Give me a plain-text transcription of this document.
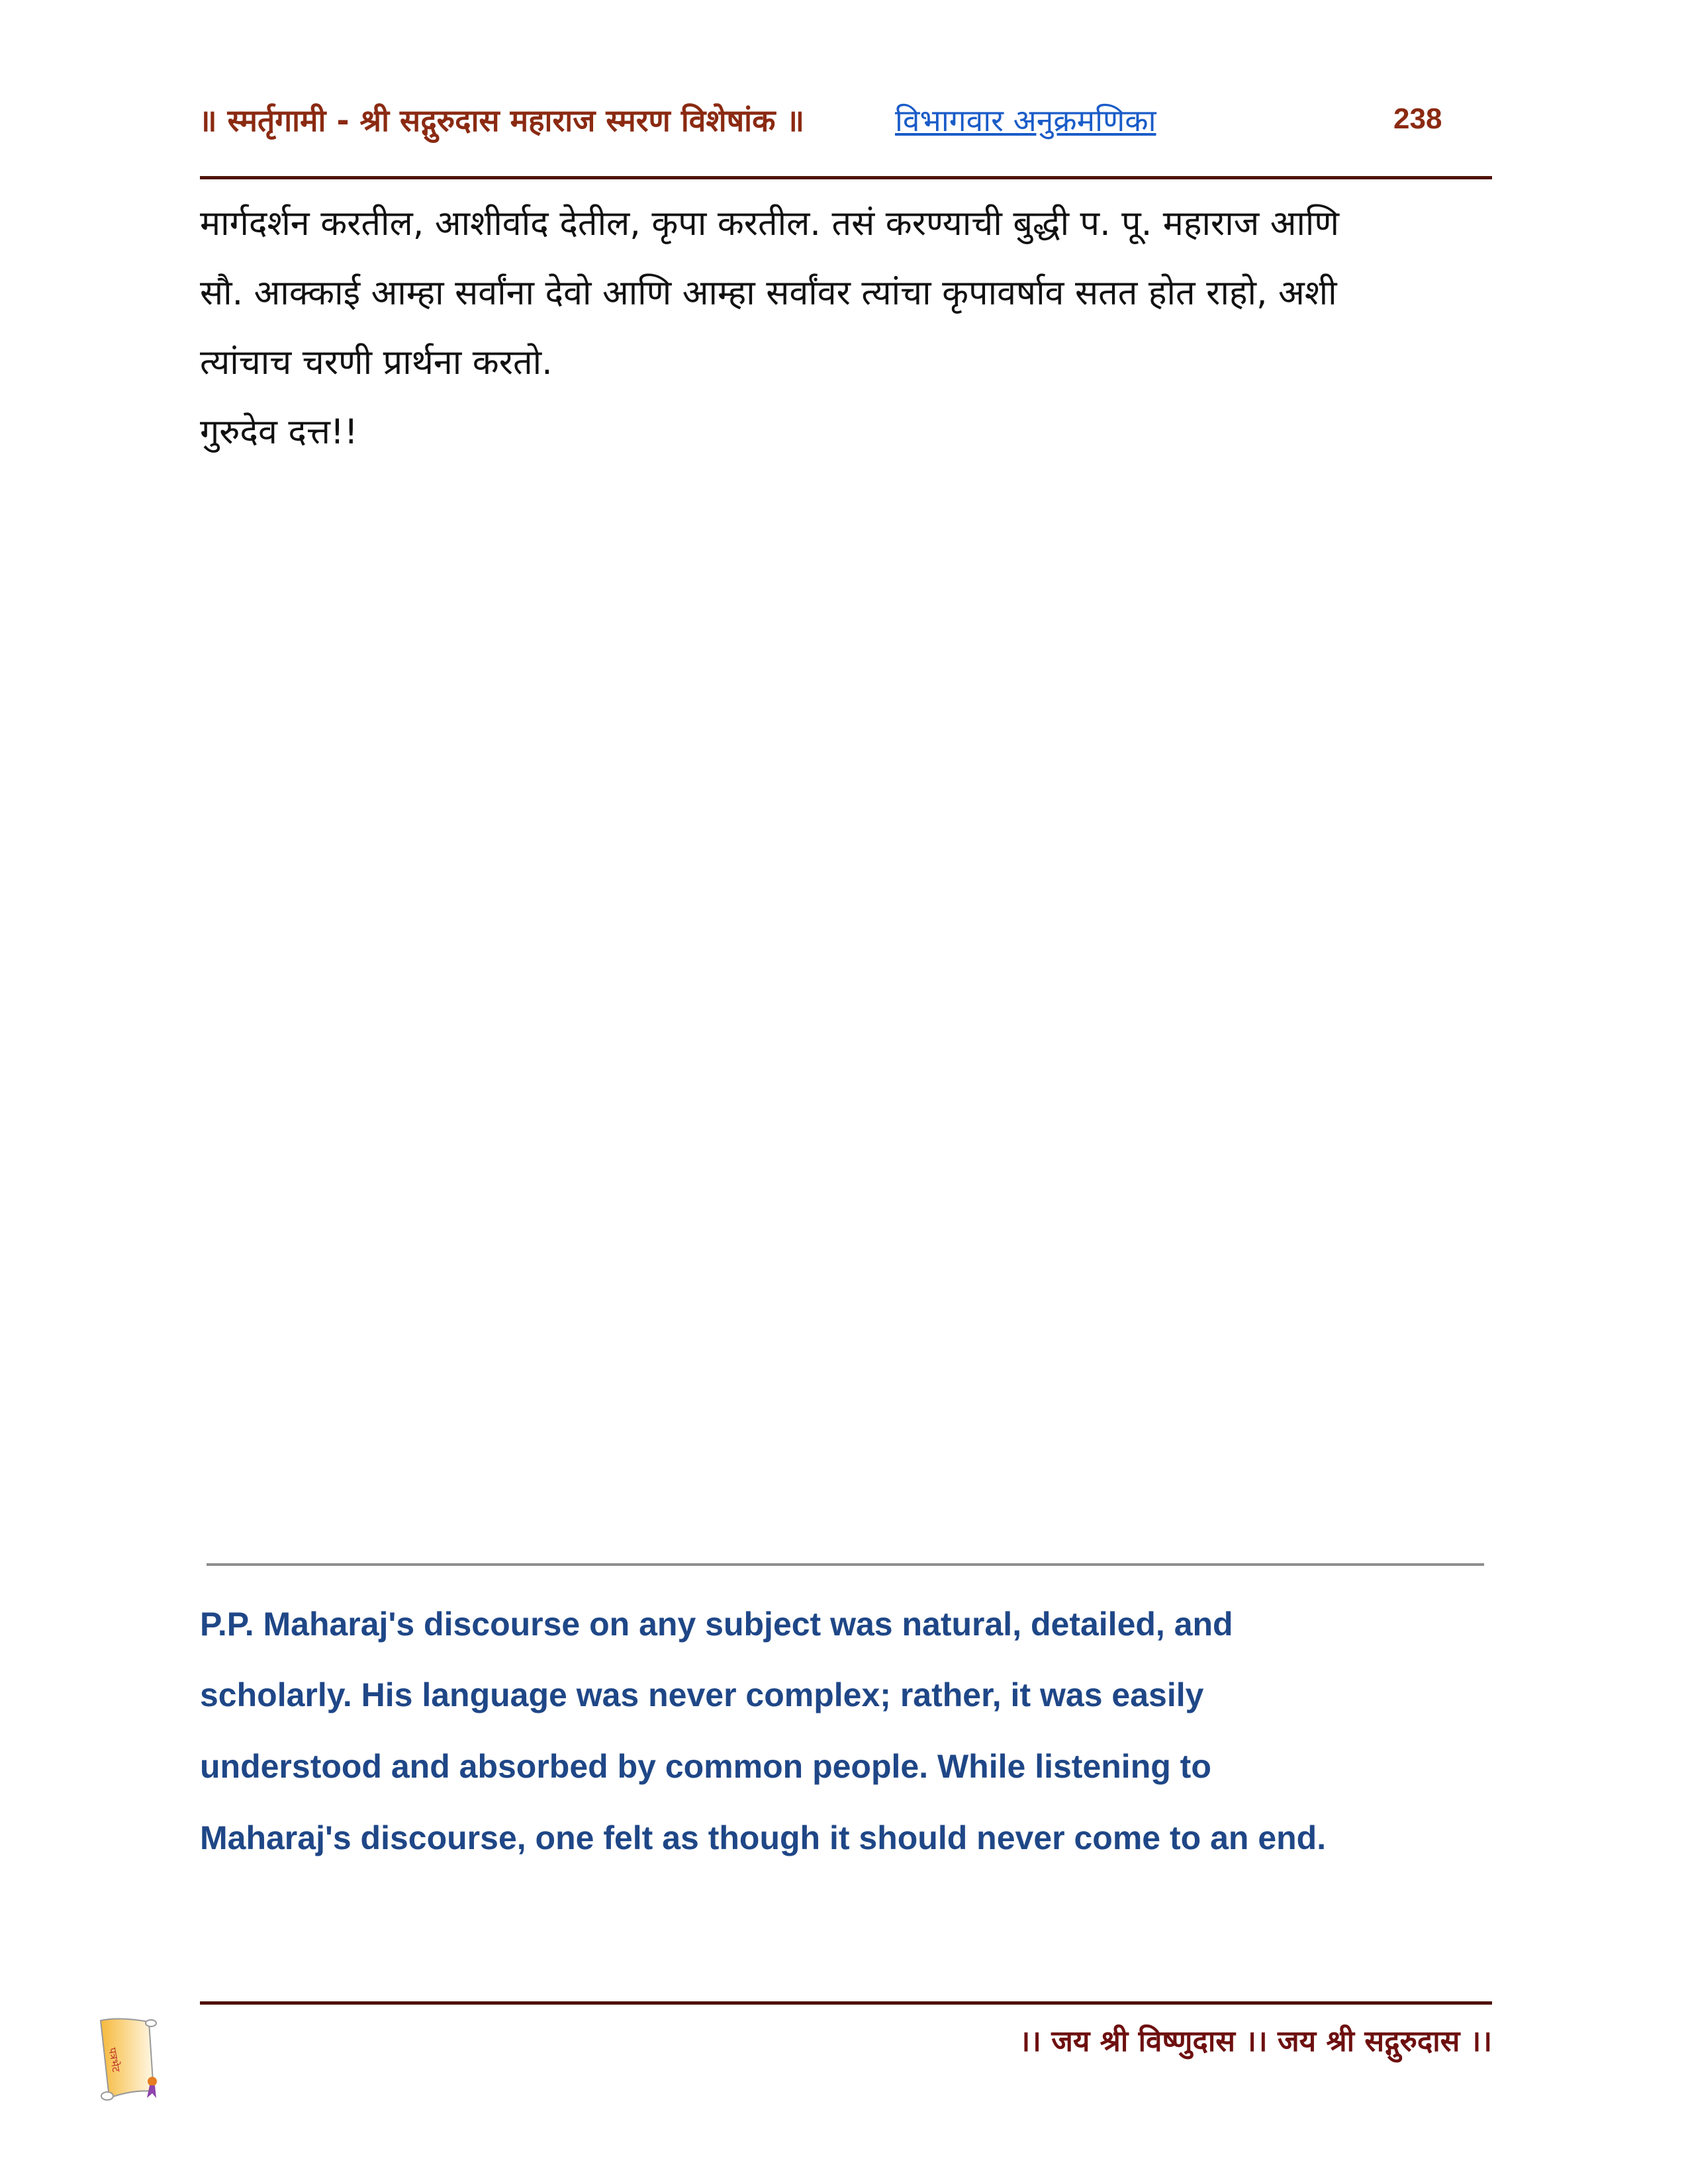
॥ स्मर्तृगामी - श्री सद्गुरुदास महाराज स्मरण विशेषांक ॥	विभागवार अनुक्रमणिका	238
मार्गदर्शन करतील, आशीर्वाद देतील, कृपा करतील. तसं करण्याची बुद्धी प. पू. महाराज आणि
सौ. आक्काई आम्हा सर्वांना देवो आणि आम्हा सर्वांवर त्यांचा कृपावर्षाव सतत होत राहो, अशी
त्यांचाच चरणी प्रार्थना करतो.
गुरुदेव दत्त!!
P.P. Maharaj's discourse on any subject was natural, detailed, and
scholarly. His language was never complex; rather, it was easily
understood and absorbed by common people. While listening to
Maharaj's discourse, one felt as though it should never come to an end.
पत्रभेट
।। जय श्री विष्णुदास ।। जय श्री सद्गुरुदास ।।
